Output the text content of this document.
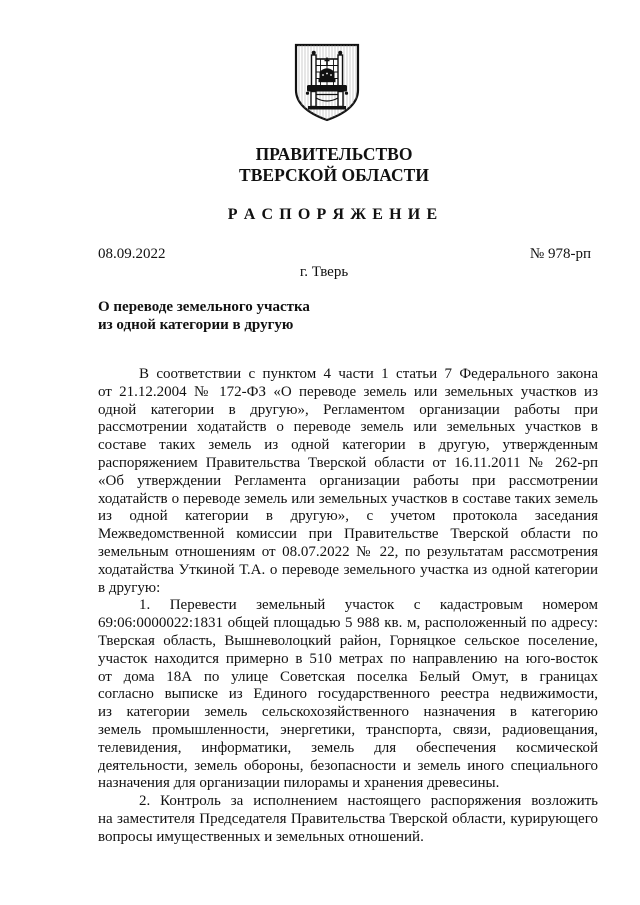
ПРАВИТЕЛЬСТВО
ТВЕРСКОЙ ОБЛАСТИ
Р А С П О Р Я Ж Е Н И Е
08.09.2022	№ 978-рп
г. Тверь
О переводе земельного участка
из одной категории в другую
В соответствии с пунктом 4 части 1 статьи 7 Федерального закона
от 21.12.2004 № 172-ФЗ «О переводе земель или земельных участков из
одной категории в другую», Регламентом организации работы при
рассмотрении ходатайств о переводе земель или земельных участков в
составе таких земель из одной категории в другую, утвержденным
распоряжением Правительства Тверской области от 16.11.2011 № 262-рп
«Об утверждении Регламента организации работы при рассмотрении
ходатайств о переводе земель или земельных участков в составе таких земель
из одной категории в другую», с учетом протокола заседания
Межведомственной комиссии при Правительстве Тверской области по
земельным отношениям от 08.07.2022 № 22, по результатам рассмотрения
ходатайства Уткиной Т.А. о переводе земельного участка из одной категории
в другую:
1. Перевести земельный участок с кадастровым номером
69:06:0000022:1831 общей площадью 5 988 кв. м, расположенный по адресу:
Тверская область, Вышневолоцкий район, Горняцкое сельское поселение,
участок находится примерно в 510 метрах по направлению на юго-восток
от дома 18А по улице Советская поселка Белый Омут, в границах
согласно выписке из Единого государственного реестра недвижимости,
из категории земель сельскохозяйственного назначения в категорию
земель промышленности, энергетики, транспорта, связи, радиовещания,
телевидения, информатики, земель для обеспечения космической
деятельности, земель обороны, безопасности и земель иного специального
назначения для организации пилорамы и хранения древесины.
2. Контроль за исполнением настоящего распоряжения возложить
на заместителя Председателя Правительства Тверской области, курирующего
вопросы имущественных и земельных отношений.
